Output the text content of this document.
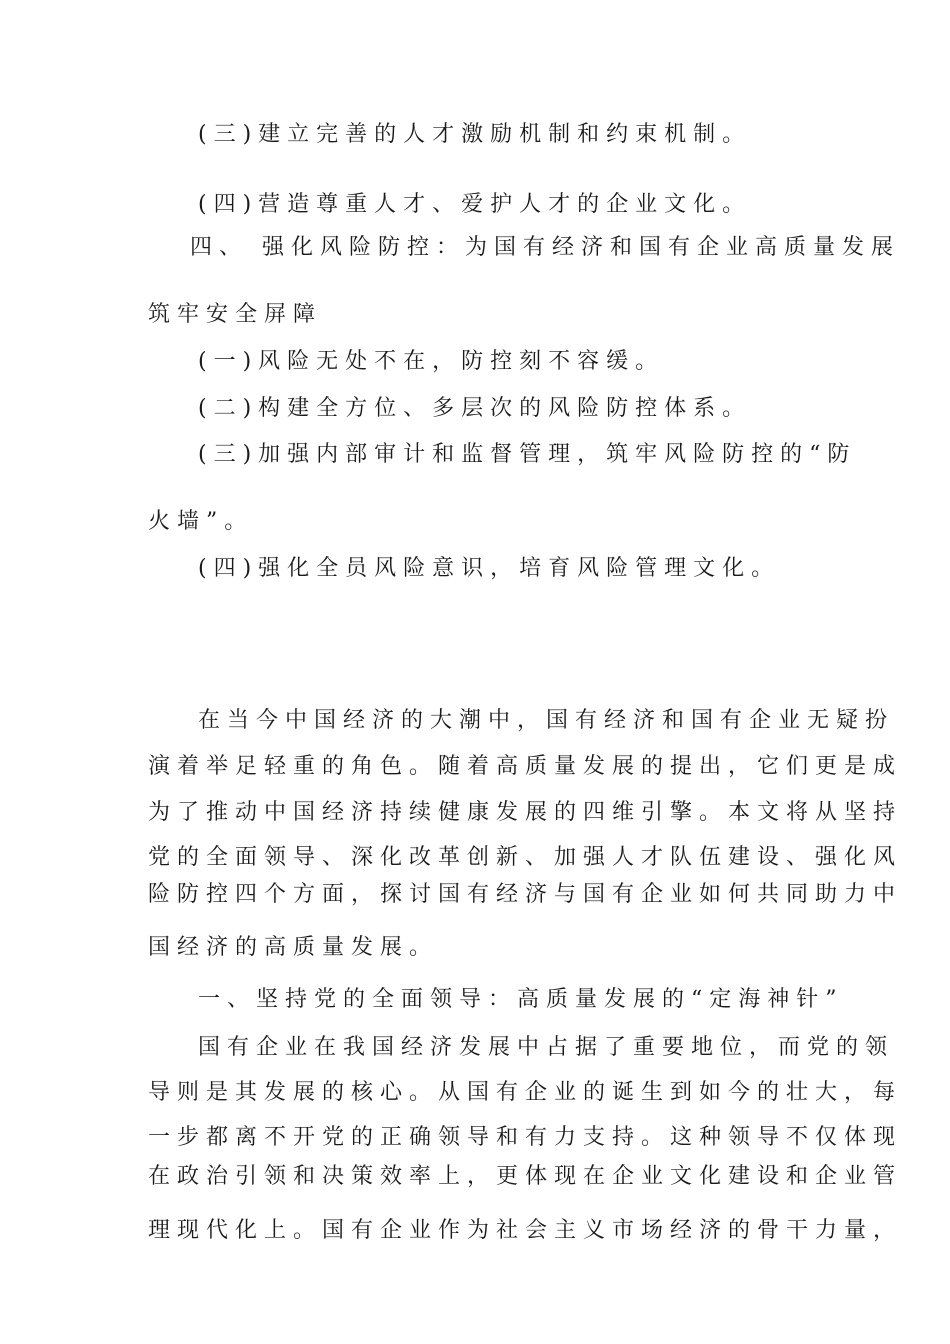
(三)建立完善的人才激励机制和约束机制。
(四)营造尊重人才、爱护人才的企业文化。
四、 强化风险防控：为国有经济和国有企业高质量发展
筑牢安全屏障
(一)风险无处不在，防控刻不容缓。
(二)构建全方位、多层次的风险防控体系。
(三)加强内部审计和监督管理，筑牢风险防控的“防
火墙”。
(四)强化全员风险意识，培育风险管理文化。
在当今中国经济的大潮中，国有经济和国有企业无疑扮
演着举足轻重的角色。随着高质量发展的提出，它们更是成
为了推动中国经济持续健康发展的四维引擎。本文将从坚持
党的全面领导、深化改革创新、加强人才队伍建设、强化风
险防控四个方面，探讨国有经济与国有企业如何共同助力中
国经济的高质量发展。
一、坚持党的全面领导：高质量发展的“定海神针”
国有企业在我国经济发展中占据了重要地位，而党的领
导则是其发展的核心。从国有企业的诞生到如今的壮大，每
一步都离不开党的正确领导和有力支持。这种领导不仅体现
在政治引领和决策效率上，更体现在企业文化建设和企业管
理现代化上。国有企业作为社会主义市场经济的骨干力量，
